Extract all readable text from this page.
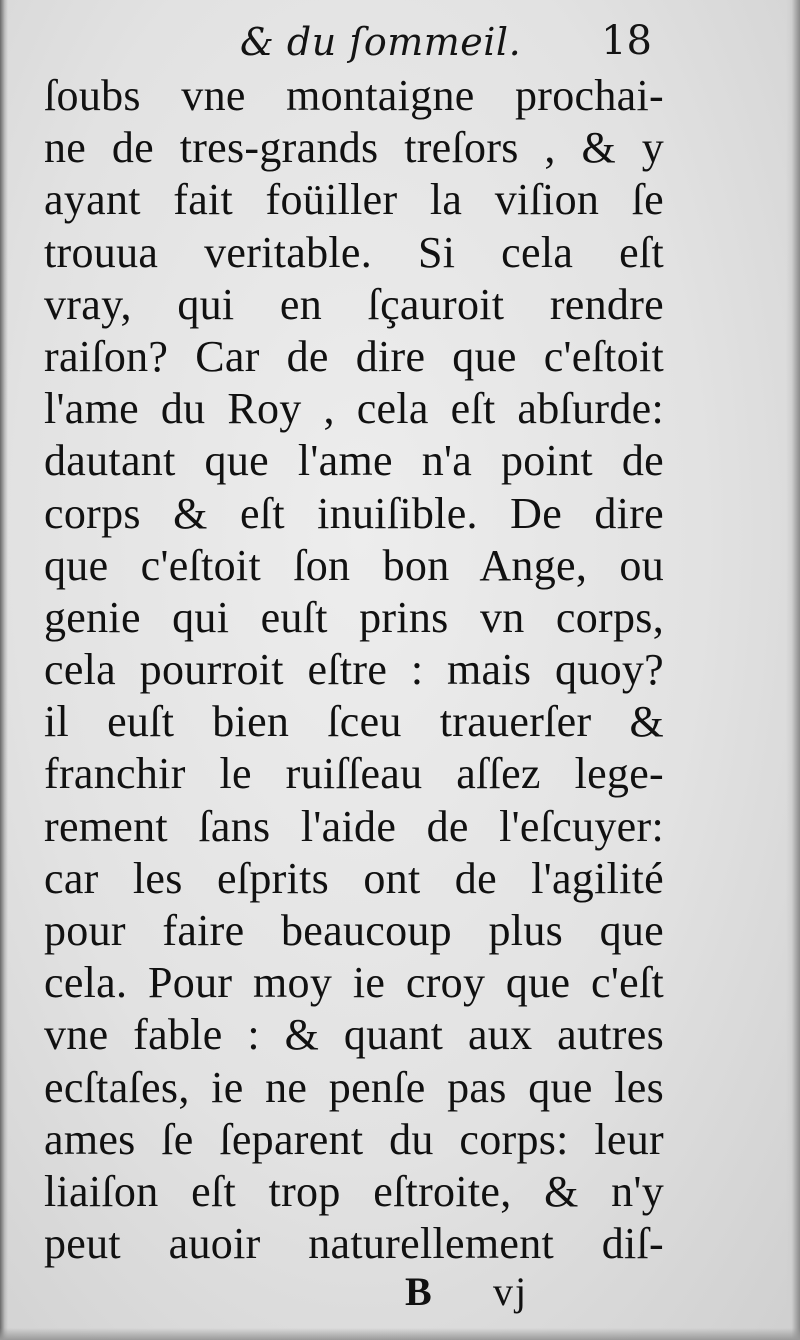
& du ſommeil. 18
ſoubs vne montaigne prochai-
ne de tres-grands treſors , & y
ayant fait foüiller la viſion ſe
trouua veritable. Si cela eſt
vray, qui en ſçauroit rendre
raiſon? Car de dire que c'eſtoit
l'ame du Roy , cela eſt abſurde:
dautant que l'ame n'a point de
corps & eſt inuiſible. De dire
que c'eſtoit ſon bon Ange, ou
genie qui euſt prins vn corps,
cela pourroit eſtre : mais quoy?
il euſt bien ſceu trauerſer &
franchir le ruiſſeau aſſez lege-
rement ſans l'aide de l'eſcuyer:
car les eſprits ont de l'agilité
pour faire beaucoup plus que
cela. Pour moy ie croy que c'eſt
vne fable : & quant aux autres
ecſtaſes, ie ne penſe pas que les
ames ſe ſeparent du corps: leur
liaiſon eſt trop eſtroite, & n'y
peut auoir naturellement diſ-
B vj
